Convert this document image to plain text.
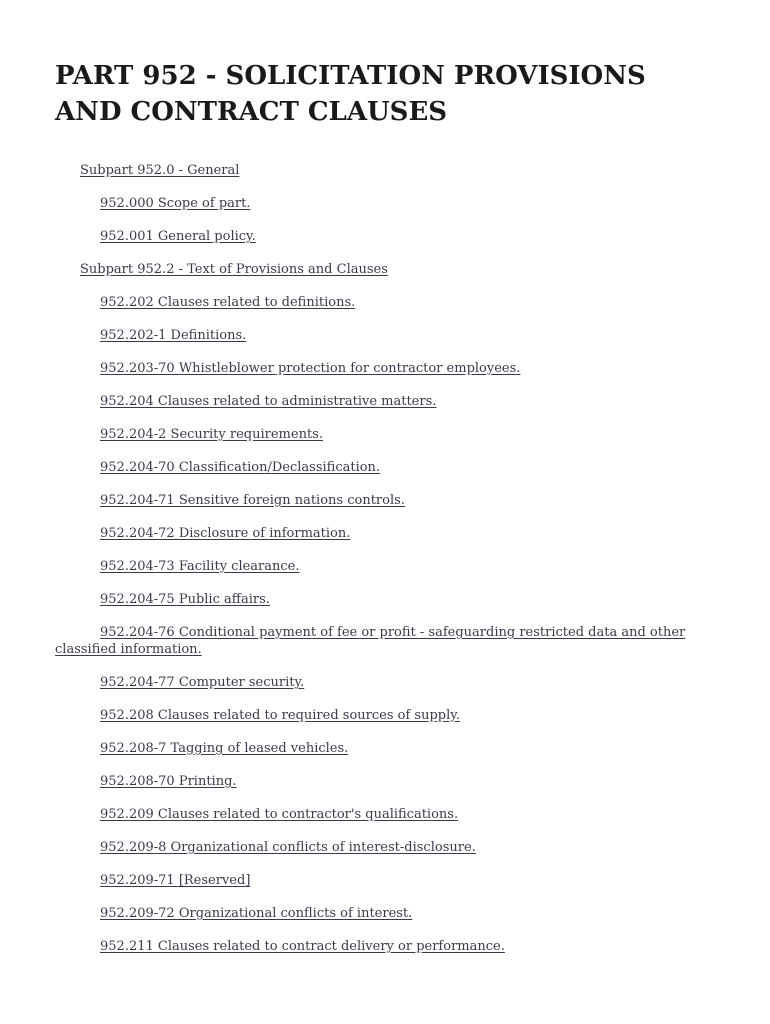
PART 952 - SOLICITATION PROVISIONS AND CONTRACT CLAUSES
Subpart 952.0 - General
952.000 Scope of part.
952.001 General policy.
Subpart 952.2 - Text of Provisions and Clauses
952.202 Clauses related to definitions.
952.202-1 Definitions.
952.203-70 Whistleblower protection for contractor employees.
952.204 Clauses related to administrative matters.
952.204-2 Security requirements.
952.204-70 Classification/Declassification.
952.204-71 Sensitive foreign nations controls.
952.204-72 Disclosure of information.
952.204-73 Facility clearance.
952.204-75 Public affairs.
952.204-76 Conditional payment of fee or profit - safeguarding restricted data and other classified information.
952.204-77 Computer security.
952.208 Clauses related to required sources of supply.
952.208-7 Tagging of leased vehicles.
952.208-70 Printing.
952.209 Clauses related to contractor's qualifications.
952.209-8 Organizational conflicts of interest-disclosure.
952.209-71 [Reserved]
952.209-72 Organizational conflicts of interest.
952.211 Clauses related to contract delivery or performance.
